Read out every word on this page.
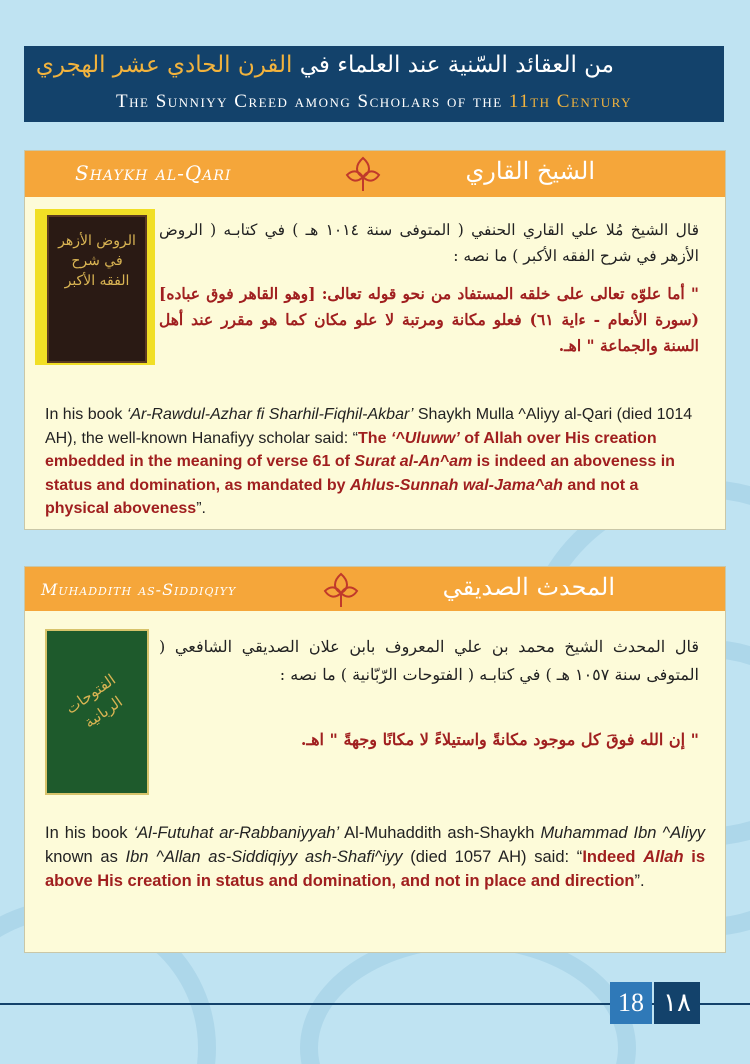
من العقائد السّنية عند العلماء في القرن الحادي عشر الهجري
The Sunniyy Creed among Scholars of the 11th Century
Shaykh al-Qari	الشيخ القاري
الروض الأزهر في شرح الفقه الأكبر
قال الشيخ مُلا علي القاري الحنفي ( المتوفى سنة ١٠١٤ هـ ) في كتابـه ( الروض الأزهر في شرح الفقه الأكبر ) ما نصه :
" أما علوّه تعالى على خلقه المستفاد من نحو قوله تعالى: [وهو القاهر فوق عباده] (سورة الأنعام - ءاية ٦١) فعلو مكانة ومرتبة لا علو مكان كما هو مقرر عند أهل السنة والجماعة " اهـ.
In his book ‘Ar-Rawdul-Azhar fi Sharhil-Fiqhil-Akbar’ Shaykh Mulla ^Aliyy al-Qari (died 1014 AH), the well-known Hanafiyy scholar said: “The ‘^Uluww’ of Allah over His creation embedded in the meaning of verse 61 of Surat al-An^am is indeed an aboveness in status and domination, as mandated by Ahlus-Sunnah wal-Jama^ah and not a physical aboveness”.
Muhaddith as-Siddiqiyy	المحدث الصديقي
الفتوحات الربانية
قال المحدث الشيخ محمد بن علي المعروف بابن علان الصديقي الشافعي ( المتوفى سنة ١٠٥٧ هـ ) في كتابـه ( الفتوحات الرّبّانية ) ما نصه :
" إن الله فوقَ كل موجود مكانةً واستيلاءً لا مكانًا وجهةً " اهـ.
In his book ‘Al-Futuhat ar-Rabbaniyyah’ Al-Muhaddith ash-Shaykh Muhammad Ibn ^Aliyy known as Ibn ^Allan as-Siddiqiyy ash-Shafi^iyy (died 1057 AH) said: “Indeed Allah is above His creation in status and domination, and not in place and direction”.
18 ١٨
